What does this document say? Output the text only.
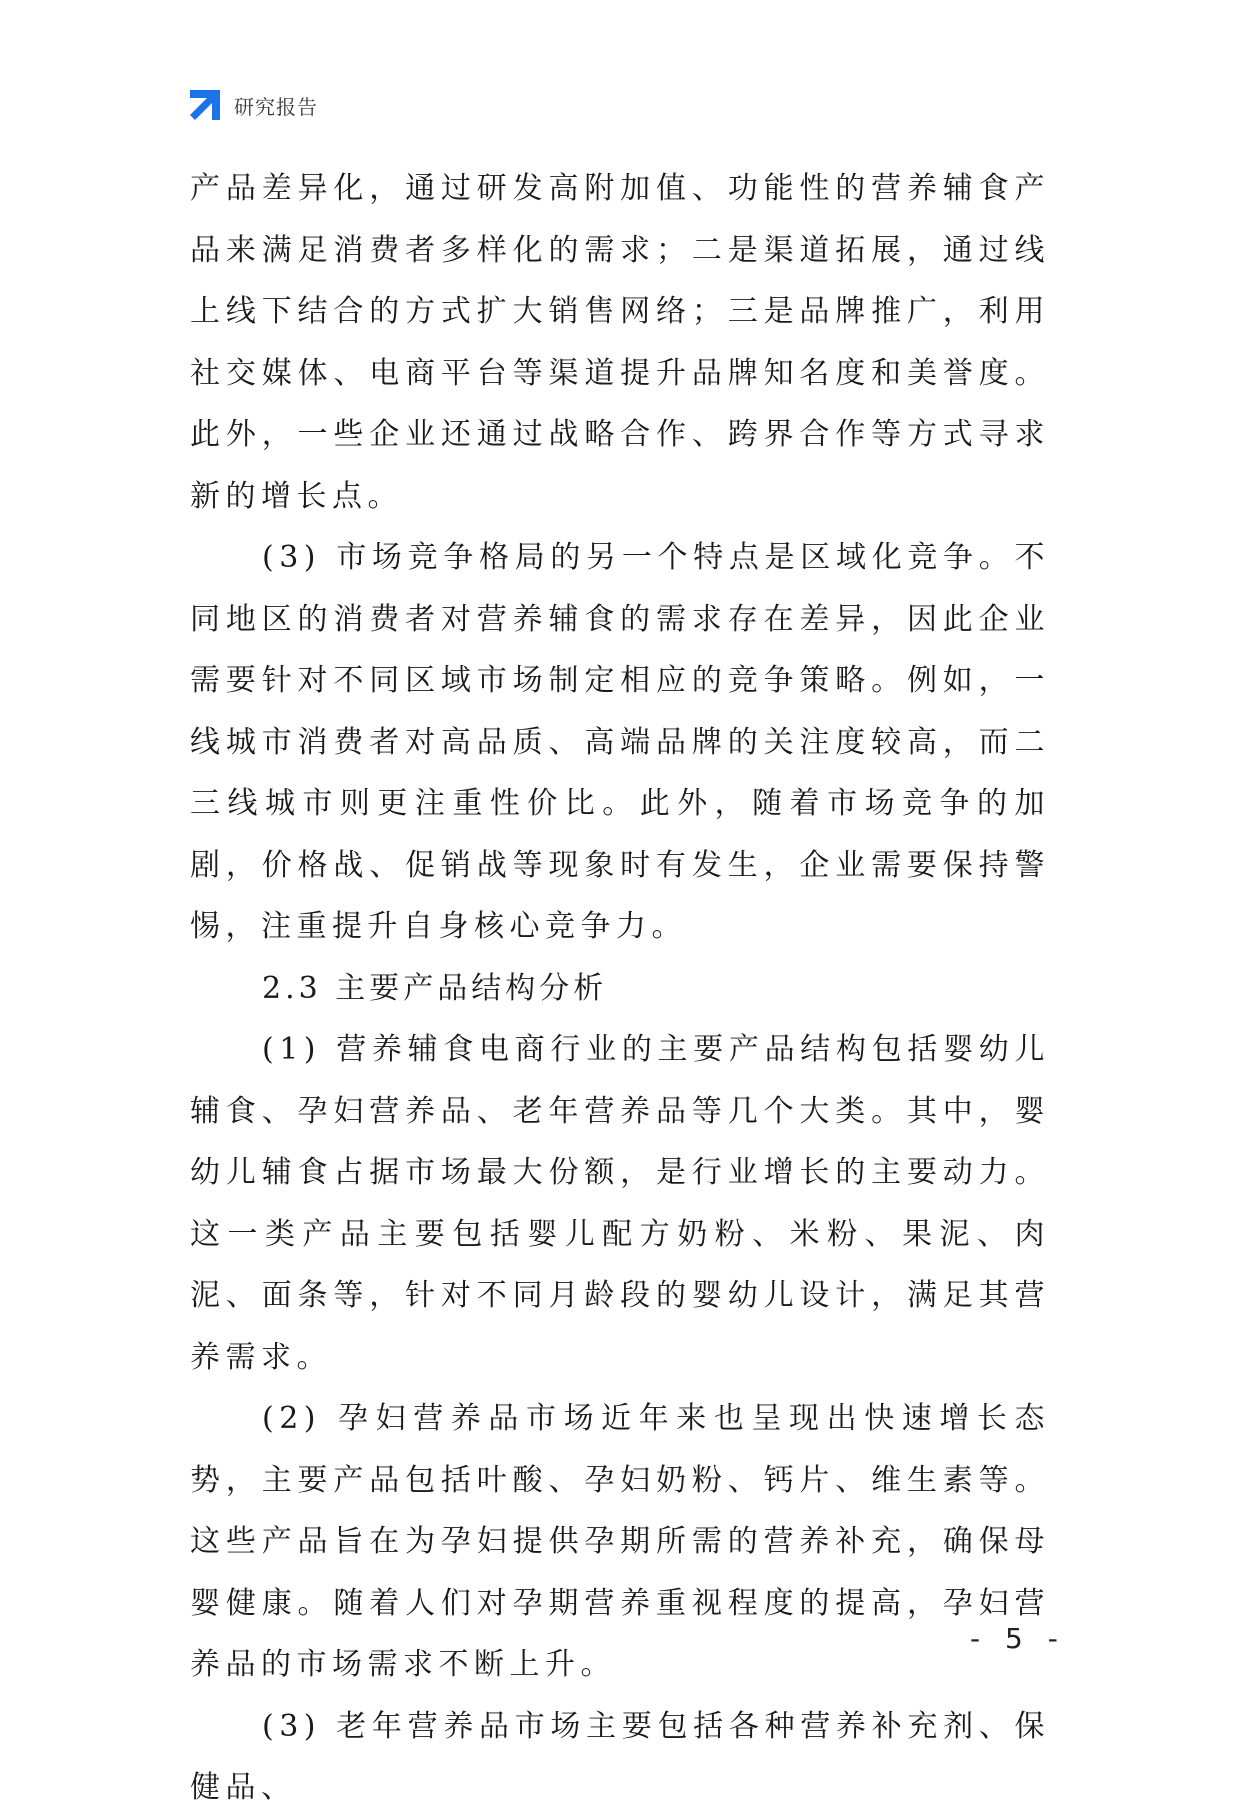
研究报告

产品差异化，通过研发高附加值、功能性的营养辅食产品来满足消费者多样化的需求；二是渠道拓展，通过线上线下结合的方式扩大销售网络；三是品牌推广，利用社交媒体、电商平台等渠道提升品牌知名度和美誉度。此外，一些企业还通过战略合作、跨界合作等方式寻求新的增长点。

(3) 市场竞争格局的另一个特点是区域化竞争。不同地区的消费者对营养辅食的需求存在差异，因此企业需要针对不同区域市场制定相应的竞争策略。例如，一线城市消费者对高品质、高端品牌的关注度较高，而二三线城市则更注重性价比。此外，随着市场竞争的加剧，价格战、促销战等现象时有发生，企业需要保持警惕，注重提升自身核心竞争力。

2.3 主要产品结构分析

(1) 营养辅食电商行业的主要产品结构包括婴幼儿辅食、孕妇营养品、老年营养品等几个大类。其中，婴幼儿辅食占据市场最大份额，是行业增长的主要动力。这一类产品主要包括婴儿配方奶粉、米粉、果泥、肉泥、面条等，针对不同月龄段的婴幼儿设计，满足其营养需求。

(2) 孕妇营养品市场近年来也呈现出快速增长态势，主要产品包括叶酸、孕妇奶粉、钙片、维生素等。这些产品旨在为孕妇提供孕期所需的营养补充，确保母婴健康。随着人们对孕期营养重视程度的提高，孕妇营养品的市场需求不断上升。

(3) 老年营养品市场主要包括各种营养补充剂、保健品、

- 5 -
